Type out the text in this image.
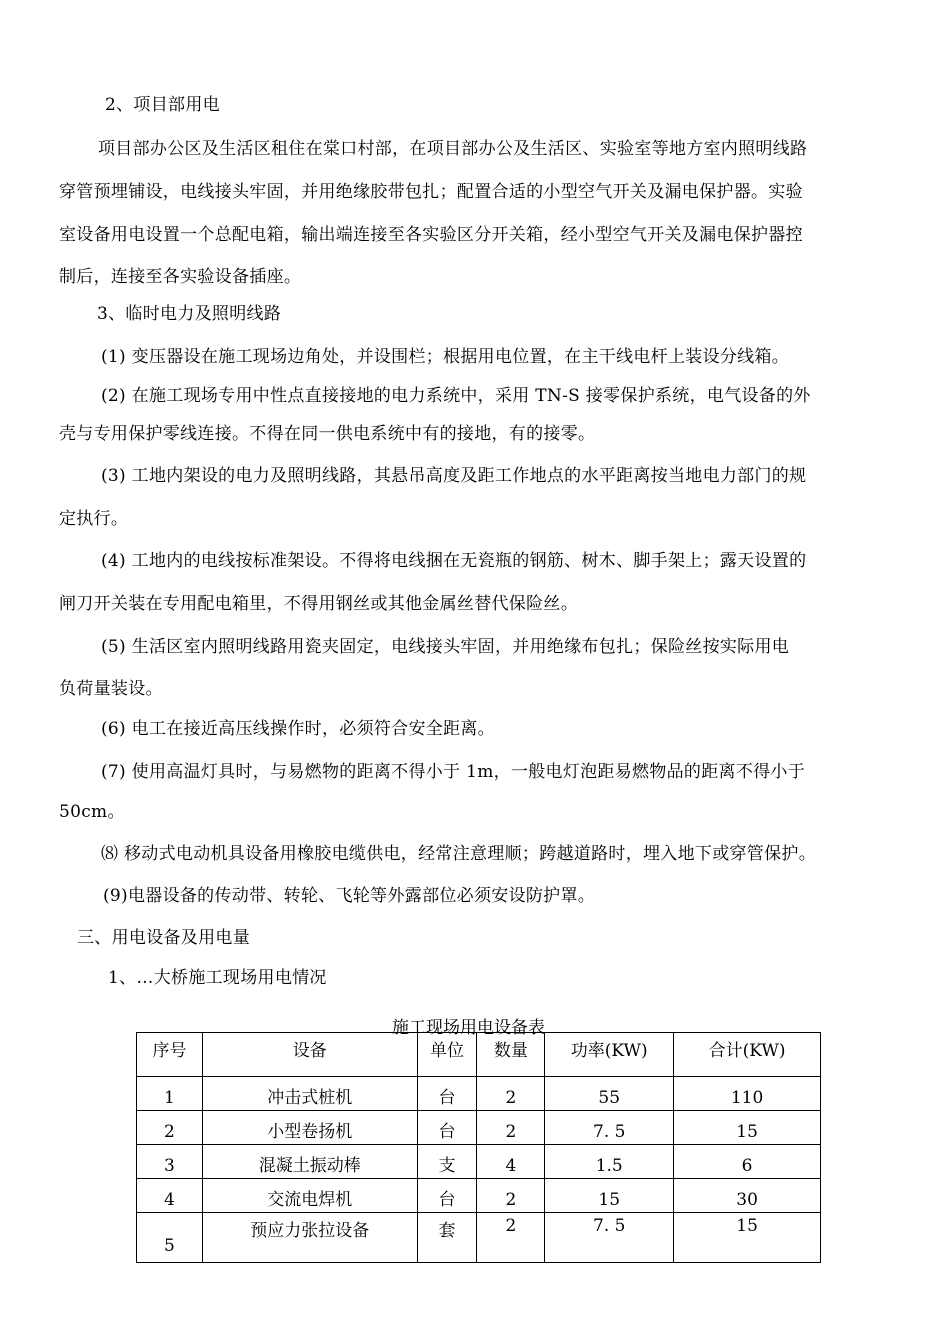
2、项目部用电
项目部办公区及生活区租住在棠口村部，在项目部办公及生活区、实验室等地方室内照明线路
穿管预埋铺设，电线接头牢固，并用绝缘胶带包扎；配置合适的小型空气开关及漏电保护器。实验
室设备用电设置一个总配电箱，输出端连接至各实验区分开关箱，经小型空气开关及漏电保护器控
制后，连接至各实验设备插座。
3、临时电力及照明线路
(1) 变压器设在施工现场边角处，并设围栏；根据用电位置，在主干线电杆上装设分线箱。
(2) 在施工现场专用中性点直接接地的电力系统中，采用 TN-S 接零保护系统，电气设备的外
壳与专用保护零线连接。不得在同一供电系统中有的接地，有的接零。
(3) 工地内架设的电力及照明线路，其悬吊高度及距工作地点的水平距离按当地电力部门的规
定执行。
(4) 工地内的电线按标准架设。不得将电线捆在无瓷瓶的钢筋、树木、脚手架上；露天设置的
闸刀开关装在专用配电箱里，不得用钢丝或其他金属丝替代保险丝。
(5) 生活区室内照明线路用瓷夹固定，电线接头牢固，并用绝缘布包扎；保险丝按实际用电
负荷量装设。
(6) 电工在接近高压线操作时，必须符合安全距离。
(7) 使用高温灯具时，与易燃物的距离不得小于 1m，一般电灯泡距易燃物品的距离不得小于
50cm。
⑻ 移动式电动机具设备用橡胶电缆供电，经常注意理顺；跨越道路时，埋入地下或穿管保护。
(9)电器设备的传动带、转轮、飞轮等外露部位必须安设防护罩。
三、用电设备及用电量
1、…大桥施工现场用电情况
施工现场用电设备表
序号	设备	单位	数量	功率(KW)	合计(KW)
1	冲击式桩机	台	2	55	110
2	小型卷扬机	台	2	7. 5	15
3	混凝土振动棒	支	4	1.5	6
4	交流电焊机	台	2	15	30
5	预应力张拉设备	套	2	7. 5	15
